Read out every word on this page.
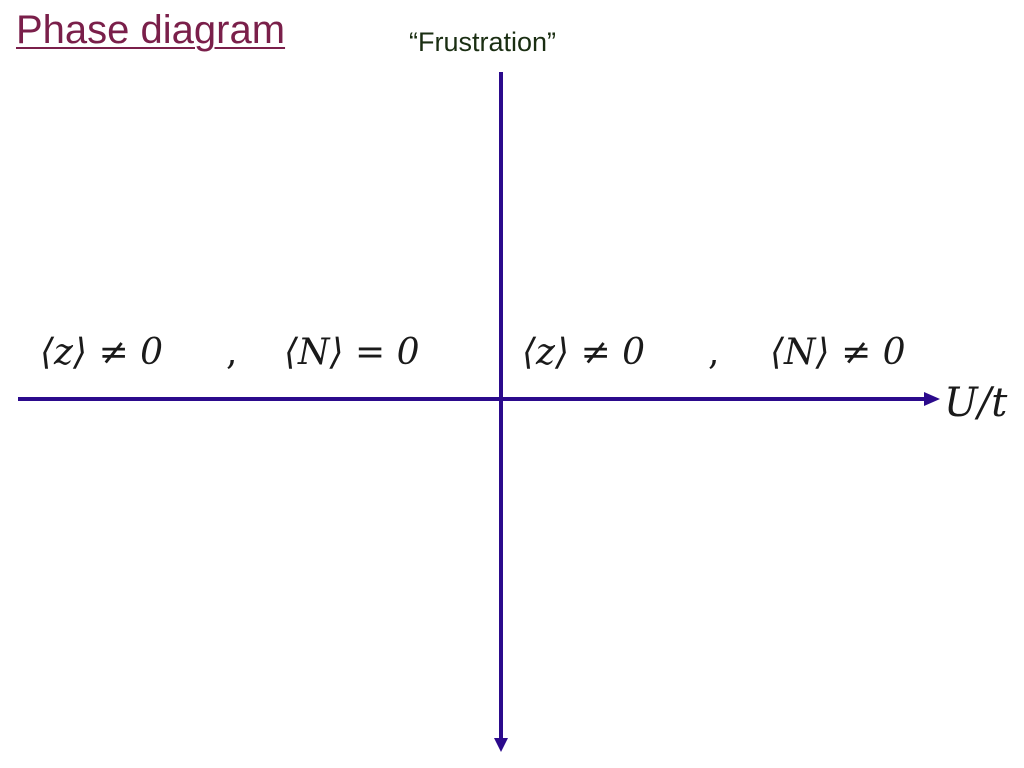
Phase diagram	“Frustration”
U/t
⟨z⟩ ≠ 0 , ⟨N⟩ = 0	⟨z⟩ ≠ 0 , ⟨N⟩ ≠ 0
